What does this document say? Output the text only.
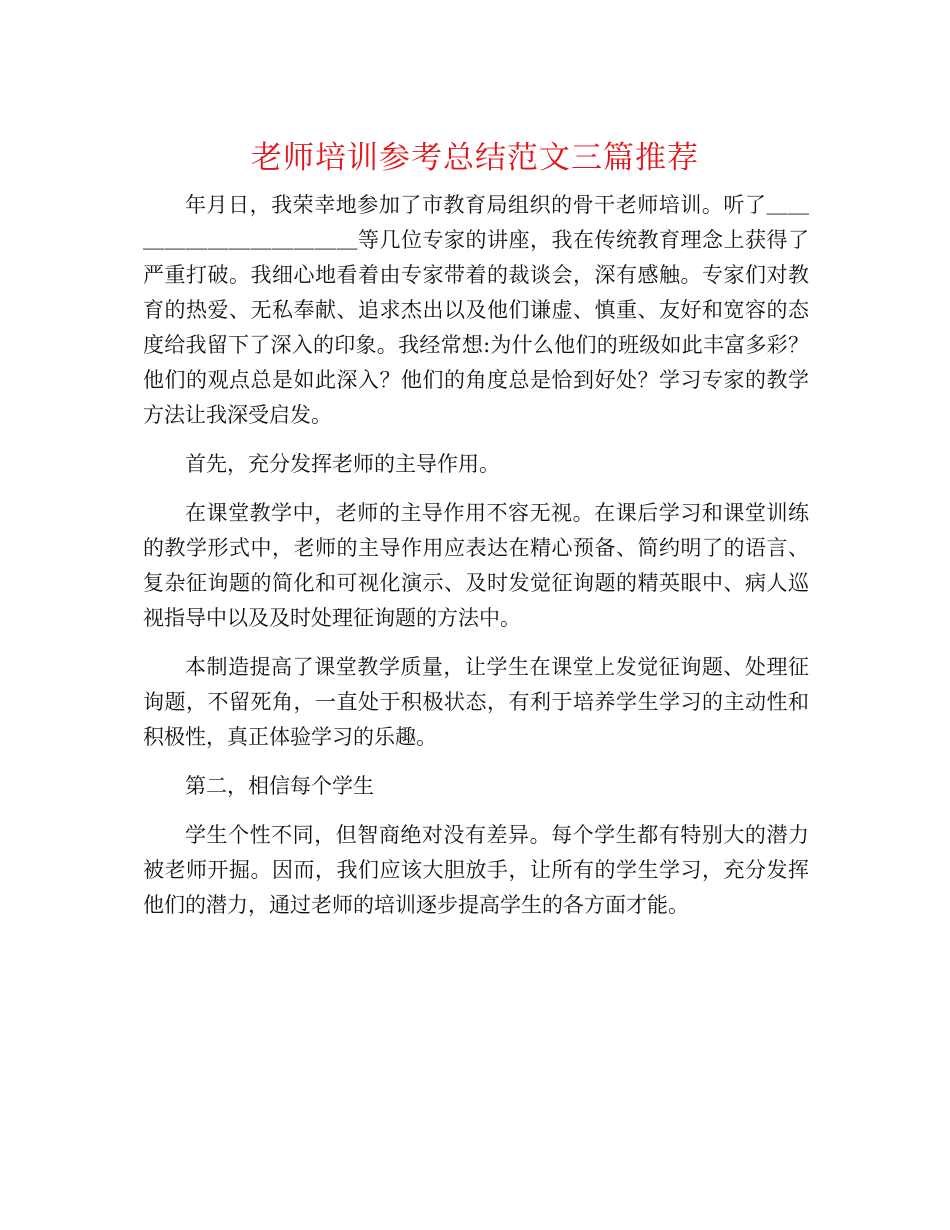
老师培训参考总结范文三篇推荐

年月日，我荣幸地参加了市教育局组织的骨干老师培训。听了＿＿＿＿＿＿＿＿＿＿＿＿等几位专家的讲座，我在传统教育理念上获得了严重打破。我细心地看着由专家带着的裁谈会，深有感触。专家们对教育的热爱、无私奉献、追求杰出以及他们谦虚、慎重、友好和宽容的态度给我留下了深入的印象。我经常想:为什么他们的班级如此丰富多彩？他们的观点总是如此深入？他们的角度总是恰到好处？学习专家的教学方法让我深受启发。

首先，充分发挥老师的主导作用。

在课堂教学中，老师的主导作用不容无视。在课后学习和课堂训练的教学形式中，老师的主导作用应表达在精心预备、简约明了的语言、复杂征询题的简化和可视化演示、及时发觉征询题的精英眼中、病人巡视指导中以及及时处理征询题的方法中。

本制造提高了课堂教学质量，让学生在课堂上发觉征询题、处理征询题，不留死角，一直处于积极状态，有利于培养学生学习的主动性和积极性，真正体验学习的乐趣。

第二，相信每个学生

学生个性不同，但智商绝对没有差异。每个学生都有特别大的潜力被老师开掘。因而，我们应该大胆放手，让所有的学生学习，充分发挥他们的潜力，通过老师的培训逐步提高学生的各方面才能。
